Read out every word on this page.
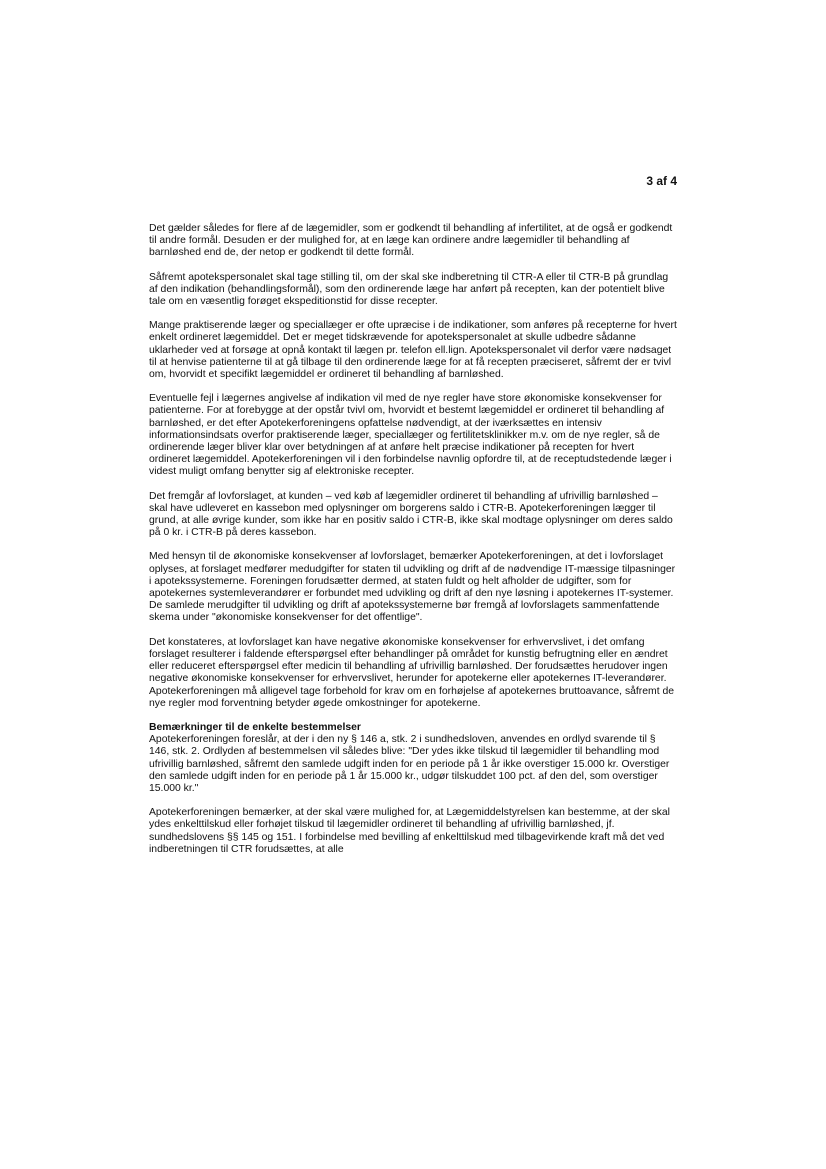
3 af 4

Det gælder således for flere af de lægemidler, som er godkendt til behandling af infertilitet, at de også er godkendt til andre formål. Desuden er der mulighed for, at en læge kan ordinere andre lægemidler til behandling af barnløshed end de, der netop er godkendt til dette formål.

Såfremt apotekspersonalet skal tage stilling til, om der skal ske indberetning til CTR-A eller til CTR-B på grundlag af den indikation (behandlingsformål), som den ordinerende læge har anført på recepten, kan der potentielt blive tale om en væsentlig forøget ekspeditionstid for disse recepter.

Mange praktiserende læger og speciallæger er ofte upræcise i de indikationer, som anføres på recepterne for hvert enkelt ordineret lægemiddel. Det er meget tidskrævende for apotekspersonalet at skulle udbedre sådanne uklarheder ved at forsøge at opnå kontakt til lægen pr. telefon ell.lign. Apotekspersonalet vil derfor være nødsaget til at henvise patienterne til at gå tilbage til den ordinerende læge for at få recepten præciseret, såfremt der er tvivl om, hvorvidt et specifikt lægemiddel er ordineret til behandling af barnløshed.

Eventuelle fejl i lægernes angivelse af indikation vil med de nye regler have store økonomiske konsekvenser for patienterne. For at forebygge at der opstår tvivl om, hvorvidt et bestemt lægemiddel er ordineret til behandling af barnløshed, er det efter Apotekerforeningens opfattelse nødvendigt, at der iværksættes en intensiv informationsindsats overfor praktiserende læger, speciallæger og fertilitetsklinikker m.v. om de nye regler, så de ordinerende læger bliver klar over betydningen af at anføre helt præcise indikationer på recepten for hvert ordineret lægemiddel. Apotekerforeningen vil i den forbindelse navnlig opfordre til, at de receptudstedende læger i videst muligt omfang benytter sig af elektroniske recepter.

Det fremgår af lovforslaget, at kunden – ved køb af lægemidler ordineret til behandling af ufrivillig barnløshed – skal have udleveret en kassebon med oplysninger om borgerens saldo i CTR-B. Apotekerforeningen lægger til grund, at alle øvrige kunder, som ikke har en positiv saldo i CTR-B, ikke skal modtage oplysninger om deres saldo på 0 kr. i CTR-B på deres kassebon.

Med hensyn til de økonomiske konsekvenser af lovforslaget, bemærker Apotekerforeningen, at det i lovforslaget oplyses, at forslaget medfører medudgifter for staten til udvikling og drift af de nødvendige IT-mæssige tilpasninger i apotekssystemerne. Foreningen forudsætter dermed, at staten fuldt og helt afholder de udgifter, som for apotekernes systemleverandører er forbundet med udvikling og drift af den nye løsning i apotekernes IT-systemer. De samlede merudgifter til udvikling og drift af apotekssystemerne bør fremgå af lovforslagets sammenfattende skema under "økonomiske konsekvenser for det offentlige".

Det konstateres, at lovforslaget kan have negative økonomiske konsekvenser for erhvervslivet, i det omfang forslaget resulterer i faldende efterspørgsel efter behandlinger på området for kunstig befrugtning eller en ændret eller reduceret efterspørgsel efter medicin til behandling af ufrivillig barnløshed. Der forudsættes herudover ingen negative økonomiske konsekvenser for erhvervslivet, herunder for apotekerne eller apotekernes IT-leverandører. Apotekerforeningen må alligevel tage forbehold for krav om en forhøjelse af apotekernes bruttoavance, såfremt de nye regler mod forventning betyder øgede omkostninger for apotekerne.

Bemærkninger til de enkelte bestemmelser

Apotekerforeningen foreslår, at der i den ny § 146 a, stk. 2 i sundhedsloven, anvendes en ordlyd svarende til § 146, stk. 2. Ordlyden af bestemmelsen vil således blive: "Der ydes ikke tilskud til lægemidler til behandling mod ufrivillig barnløshed, såfremt den samlede udgift inden for en periode på 1 år ikke overstiger 15.000 kr. Overstiger den samlede udgift inden for en periode på 1 år 15.000 kr., udgør tilskuddet 100 pct. af den del, som overstiger 15.000 kr."

Apotekerforeningen bemærker, at der skal være mulighed for, at Lægemiddelstyrelsen kan bestemme, at der skal ydes enkelttilskud eller forhøjet tilskud til lægemidler ordineret til behandling af ufrivillig barnløshed, jf. sundhedslovens §§ 145 og 151. I forbindelse med bevilling af enkelttilskud med tilbagevirkende kraft må det ved indberetningen til CTR forudsættes, at alle
